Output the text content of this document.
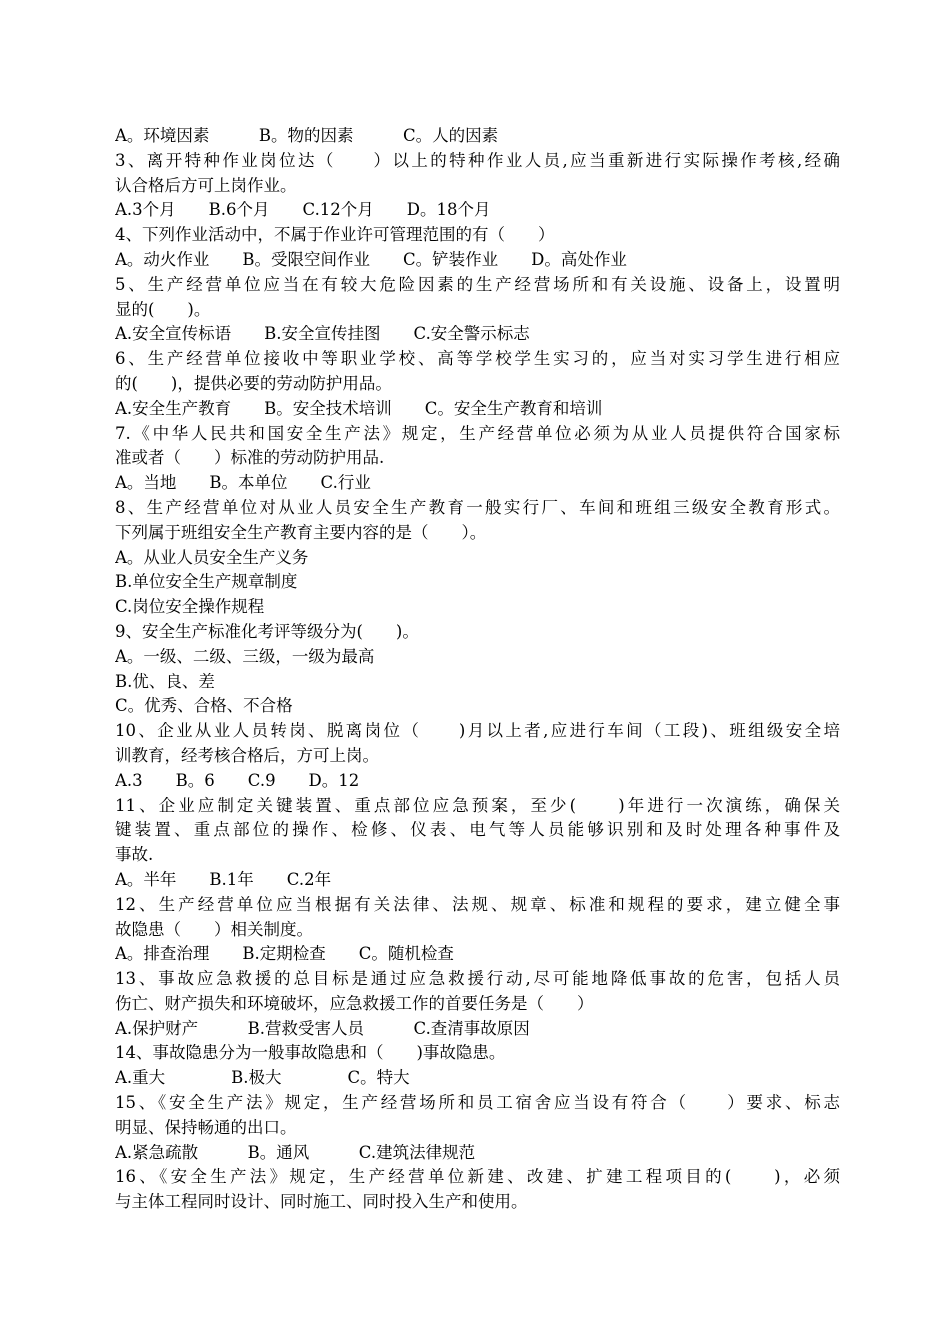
A。环境因素　　　B。物的因素　　　C。人的因素
3、离开特种作业岗位达（　　）以上的特种作业人员,应当重新进行实际操作考核,经确
认合格后方可上岗作业。
A.3个月　　B.6个月　　C.12个月　　D。18个月
4、下列作业活动中，不属于作业许可管理范围的有（　　）
A。动火作业　　B。受限空间作业　　C。铲装作业　　D。高处作业
5、生产经营单位应当在有较大危险因素的生产经营场所和有关设施、设备上，设置明
显的(　　)。
A.安全宣传标语　　B.安全宣传挂图　　C.安全警示标志
6、生产经营单位接收中等职业学校、高等学校学生实习的，应当对实习学生进行相应
的(　　)，提供必要的劳动防护用品。
A.安全生产教育　　B。安全技术培训　　C。安全生产教育和培训
7.《中华人民共和国安全生产法》规定，生产经营单位必须为从业人员提供符合国家标
准或者（　　）标准的劳动防护用品.
A。当地　　B。本单位　　C.行业
8、生产经营单位对从业人员安全生产教育一般实行厂、车间和班组三级安全教育形式。
下列属于班组安全生产教育主要内容的是（　　）。
A。从业人员安全生产义务
B.单位安全生产规章制度
C.岗位安全操作规程
9、安全生产标准化考评等级分为(　　)。
A。一级、二级、三级，一级为最高
B.优、良、差
C。优秀、合格、不合格
10、企业从业人员转岗、脱离岗位（　　)月以上者,应进行车间（工段)、班组级安全培
训教育，经考核合格后，方可上岗。
A.3　　B。6　　C.9　　D。12
11、企业应制定关键装置、重点部位应急预案，至少(　　)年进行一次演练，确保关
键装置、重点部位的操作、检修、仪表、电气等人员能够识别和及时处理各种事件及
事故.
A。半年　　B.1年　　C.2年
12、生产经营单位应当根据有关法律、法规、规章、标准和规程的要求，建立健全事
故隐患（　　）相关制度。
A。排查治理　　B.定期检查　　C。随机检查
13、事故应急救援的总目标是通过应急救援行动,尽可能地降低事故的危害，包括人员
伤亡、财产损失和环境破坏，应急救援工作的首要任务是（　　）
A.保护财产　　　B.营救受害人员　　　C.查清事故原因
14、事故隐患分为一般事故隐患和（　　)事故隐患。
A.重大　　　　B.极大　　　　C。特大
15、《安全生产法》规定，生产经营场所和员工宿舍应当设有符合（　　）要求、标志
明显、保持畅通的出口。
A.紧急疏散　　　B。通风　　　C.建筑法律规范
16、《安全生产法》规定，生产经营单位新建、改建、扩建工程项目的(　　)，必须
与主体工程同时设计、同时施工、同时投入生产和使用。
